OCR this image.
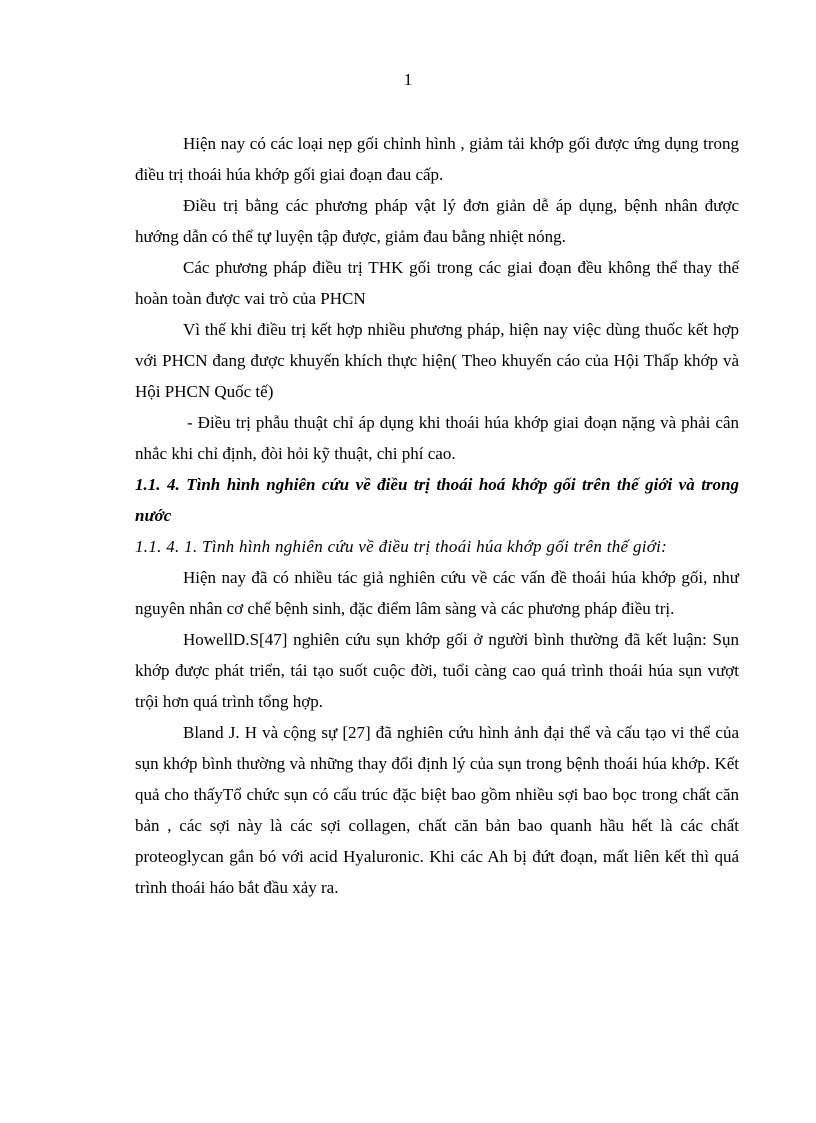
1

Hiện nay có các loại nẹp gối chỉnh hình , giảm tải khớp gối được ứng dụng trong điều trị thoái húa khớp gối giai đoạn đau cấp.

Điều trị bằng các phương pháp vật lý đơn giản dễ áp dụng, bệnh nhân được hướng dẫn có thể tự luyện tập được, giảm đau bằng nhiệt nóng.

Các phương pháp điều trị THK gối trong các giai đoạn đều không thể thay thế hoàn toàn được vai trò của PHCN

Vì thế khi điều trị kết hợp nhiều phương pháp, hiện nay việc dùng thuốc kết hợp với PHCN đang được khuyến khích thực hiện( Theo khuyến cáo của Hội Thấp khớp và Hội PHCN Quốc tế)

- Điều trị phẫu thuật chỉ áp dụng khi thoái húa khớp giai đoạn nặng và phải cân nhắc khi chỉ định, đòi hỏi kỹ thuật, chi phí cao.

1.1. 4. Tình hình nghiên cứu về điều trị thoái hoá khớp gối trên thế giới và trong nước

1.1. 4. 1. Tình hình nghiên cứu về điều trị thoái húa khớp gối trên thế giới:

Hiện nay đã có nhiều tác giả nghiên cứu về các vấn đề thoái húa khớp gối, như nguyên nhân cơ chế bệnh sinh, đặc điểm lâm sàng và các phương pháp điều trị.

HowellD.S[47] nghiên cứu sụn khớp gối ở người bình thường đã kết luận: Sụn khớp được phát triển, tái tạo suốt cuộc đời, tuổi càng cao quá trình thoái húa sụn vượt trội hơn quá trình tổng hợp.

Bland J. H và cộng sự [27] đã nghiên cứu hình ảnh đại thể và cấu tạo vi thể của sụn khớp bình thường và những thay đổi định lý của sụn trong bệnh thoái húa khớp. Kết quả cho thấyTổ chức sụn có cấu trúc đặc biệt bao gồm nhiều sợi bao bọc trong chất căn bản , các sợi này là các sợi collagen, chất căn bản bao quanh hầu hết là các chất proteoglycan gắn bó với acid Hyaluronic. Khi các Ah bị đứt đoạn, mất liên kết thì quá trình thoái háo bắt đầu xảy ra.
